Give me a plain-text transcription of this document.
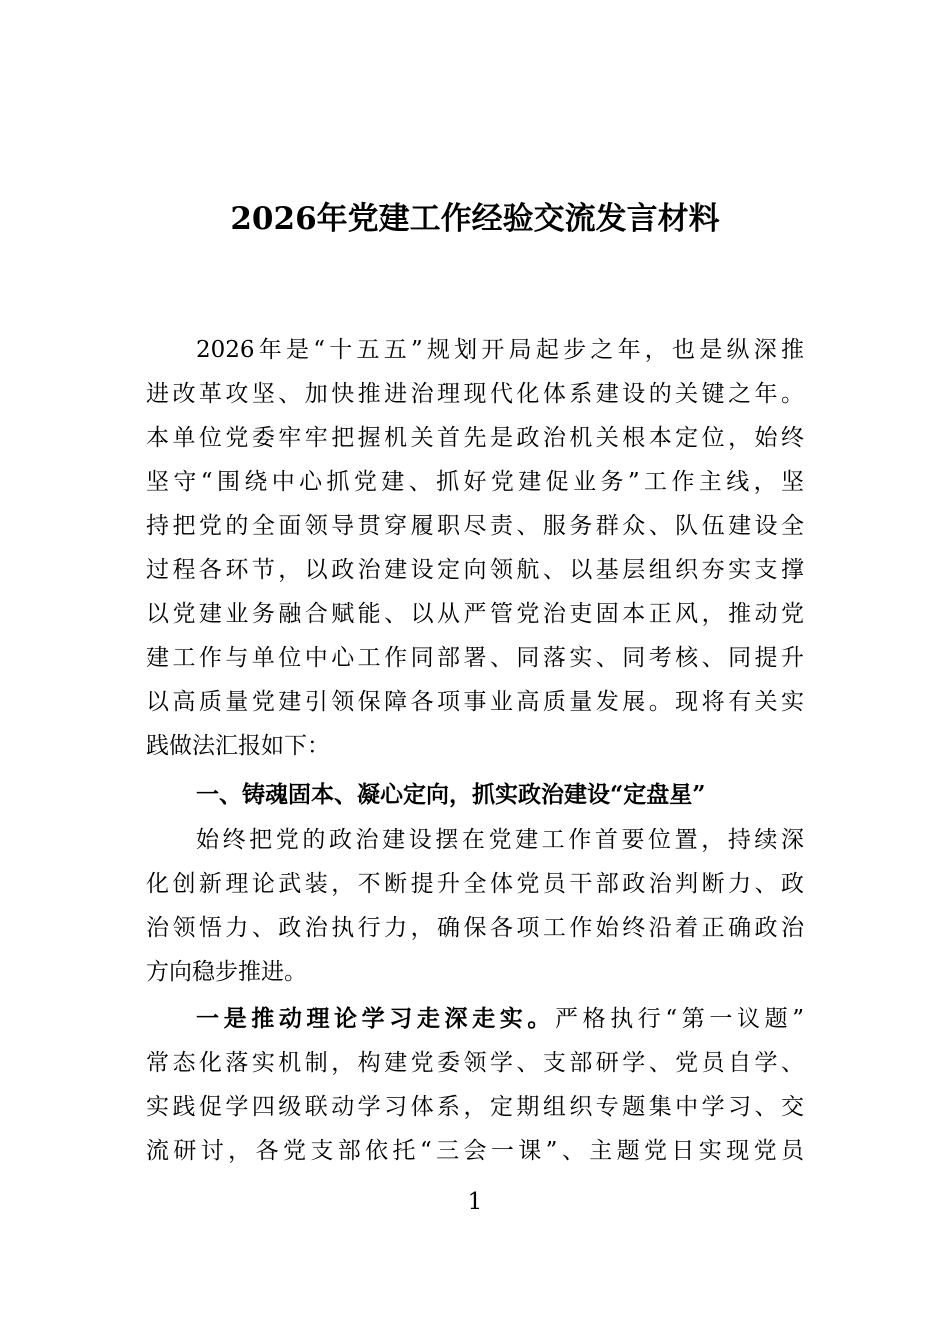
2026年党建工作经验交流发言材料
2026年是“十五五”规划开局起步之年，也是纵深推
进改革攻坚、加快推进治理现代化体系建设的关键之年。
本单位党委牢牢把握机关首先是政治机关根本定位，始终
坚守“围绕中心抓党建、抓好党建促业务”工作主线，坚
持把党的全面领导贯穿履职尽责、服务群众、队伍建设全
过程各环节，以政治建设定向领航、以基层组织夯实支撑
以党建业务融合赋能、以从严管党治吏固本正风，推动党
建工作与单位中心工作同部署、同落实、同考核、同提升
以高质量党建引领保障各项事业高质量发展。现将有关实
践做法汇报如下：
一、铸魂固本、凝心定向，抓实政治建设“定盘星”
始终把党的政治建设摆在党建工作首要位置，持续深
化创新理论武装，不断提升全体党员干部政治判断力、政
治领悟力、政治执行力，确保各项工作始终沿着正确政治
方向稳步推进。
一是推动理论学习走深走实。严格执行“第一议题”
常态化落实机制，构建党委领学、支部研学、党员自学、
实践促学四级联动学习体系，定期组织专题集中学习、交
流研讨，各党支部依托“三会一课”、主题党日实现党员
1
